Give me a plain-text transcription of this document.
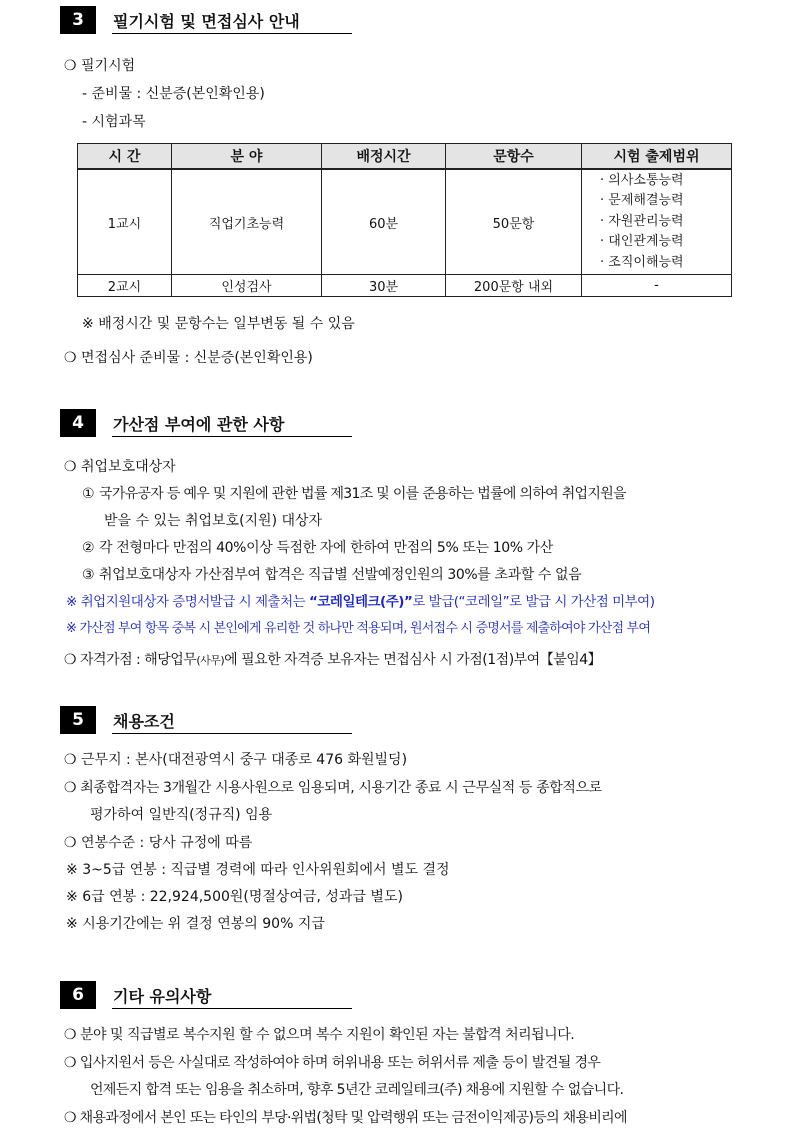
3	필기시험 및 면접심사 안내
❍ 필기시험
- 준비물 : 신분증(본인확인용)
- 시험과목
시 간	분 야	배정시간	문항수	시험 출제범위
1교시	직업기초능력	60분	50문항	· 의사소통능력
· 문제해결능력
· 자원관리능력
· 대인관계능력
· 조직이해능력

2교시	인성검사	30분	200문항 내외	-
※ 배정시간 및 문항수는 일부변동 될 수 있음
❍ 면접심사 준비물 : 신분증(본인확인용)
4	가산점 부여에 관한 사항
❍ 취업보호대상자
① 국가유공자 등 예우 및 지원에 관한 법률 제31조 및 이를 준용하는 법률에 의하여 취업지원을
받을 수 있는 취업보호(지원) 대상자
② 각 전형마다 만점의 40%이상 득점한 자에 한하여 만점의 5% 또는 10% 가산
③ 취업보호대상자 가산점부여 합격은 직급별 선발예정인원의 30%를 초과할 수 없음
※ 취업지원대상자 증명서발급 시 제출처는 “코레일테크(주)”로 발급(“코레일”로 발급 시 가산점 미부여)
※ 가산점 부여 항목 중복 시 본인에게 유리한 것 하나만 적용되며, 원서접수 시 증명서를 제출하여야 가산점 부여
❍ 자격가점 : 해당업무(사무)에 필요한 자격증 보유자는 면접심사 시 가점(1점)부여【붙임4】
5	채용조건
❍ 근무지 : 본사(대전광역시 중구 대종로 476 화원빌딩)
❍ 최종합격자는 3개월간 시용사원으로 임용되며, 시용기간 종료 시 근무실적 등 종합적으로
평가하여 일반직(정규직) 임용
❍ 연봉수준 : 당사 규정에 따름
※ 3~5급 연봉 : 직급별 경력에 따라 인사위원회에서 별도 결정
※ 6급 연봉 : 22,924,500원(명절상여금, 성과급 별도)
※ 시용기간에는 위 결정 연봉의 90% 지급
6	기타 유의사항
❍ 분야 및 직급별로 복수지원 할 수 없으며 복수 지원이 확인된 자는 불합격 처리됩니다.
❍ 입사지원서 등은 사실대로 작성하여야 하며 허위내용 또는 허위서류 제출 등이 발견될 경우
언제든지 합격 또는 임용을 취소하며, 향후 5년간 코레일테크(주) 채용에 지원할 수 없습니다.
❍ 채용과정에서 본인 또는 타인의 부당·위법(청탁 및 압력행위 또는 금전이익제공)등의 채용비리에
